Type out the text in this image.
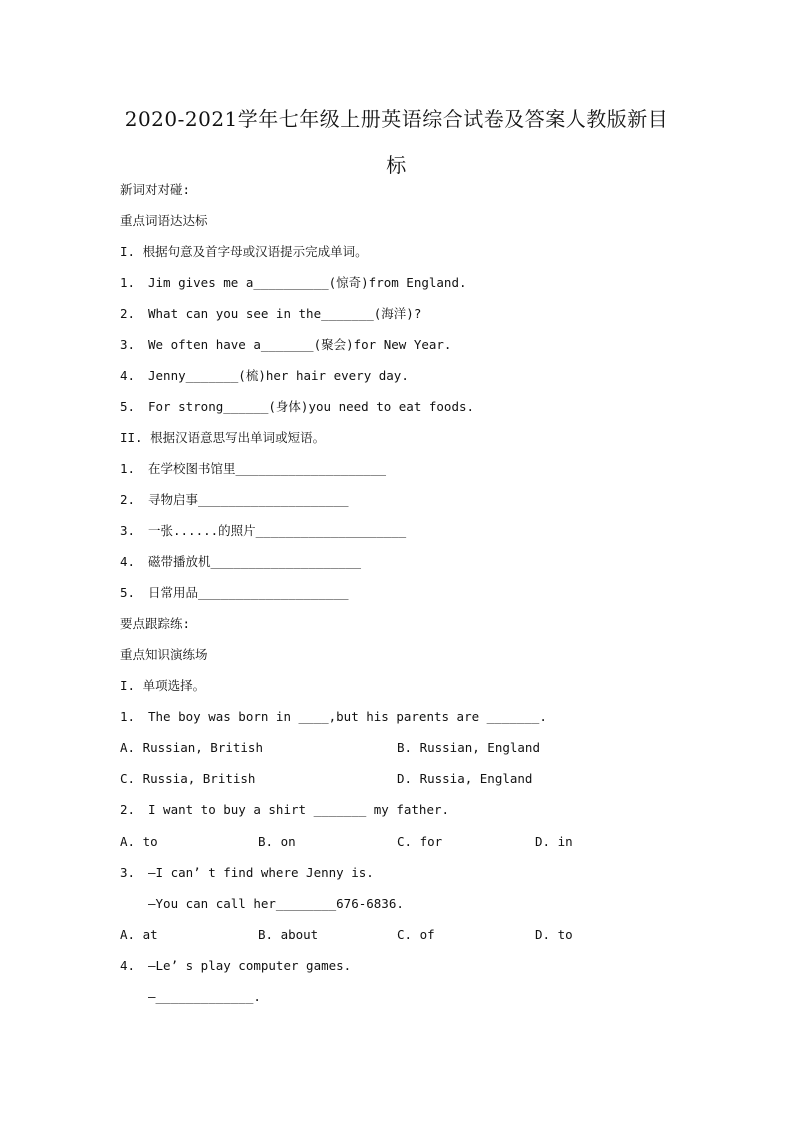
2020-2021学年七年级上册英语综合试卷及答案人教版新目
标
新词对对碰:
重点词语达达标
I. 根据句意及首字母或汉语提示完成单词。
1. Jim gives me a__________(惊奇)from England.
2. What can you see in the_______(海洋)?
3. We often have a_______(聚会)for New Year.
4. Jenny_______(梳)her hair every day.
5. For strong______(身体)you need to eat foods.
II. 根据汉语意思写出单词或短语。
1. 在学校图书馆里____________________
2. 寻物启事____________________
3. 一张......的照片____________________
4. 磁带播放机____________________
5. 日常用品____________________
要点跟踪练:
重点知识演练场
I. 单项选择。
1. The boy was born in ____,but his parents are _______.
A. Russian, British	B. Russian, England
C. Russia, British	D. Russia, England
2. I want to buy a shirt _______ my father.
A. to	B. on	C. for	D. in
3. —I can’ t find where Jenny is.
—You can call her________676-6836.
A. at	B. about	C. of	D. to
4. —Le’ s play computer games.
—_____________.
